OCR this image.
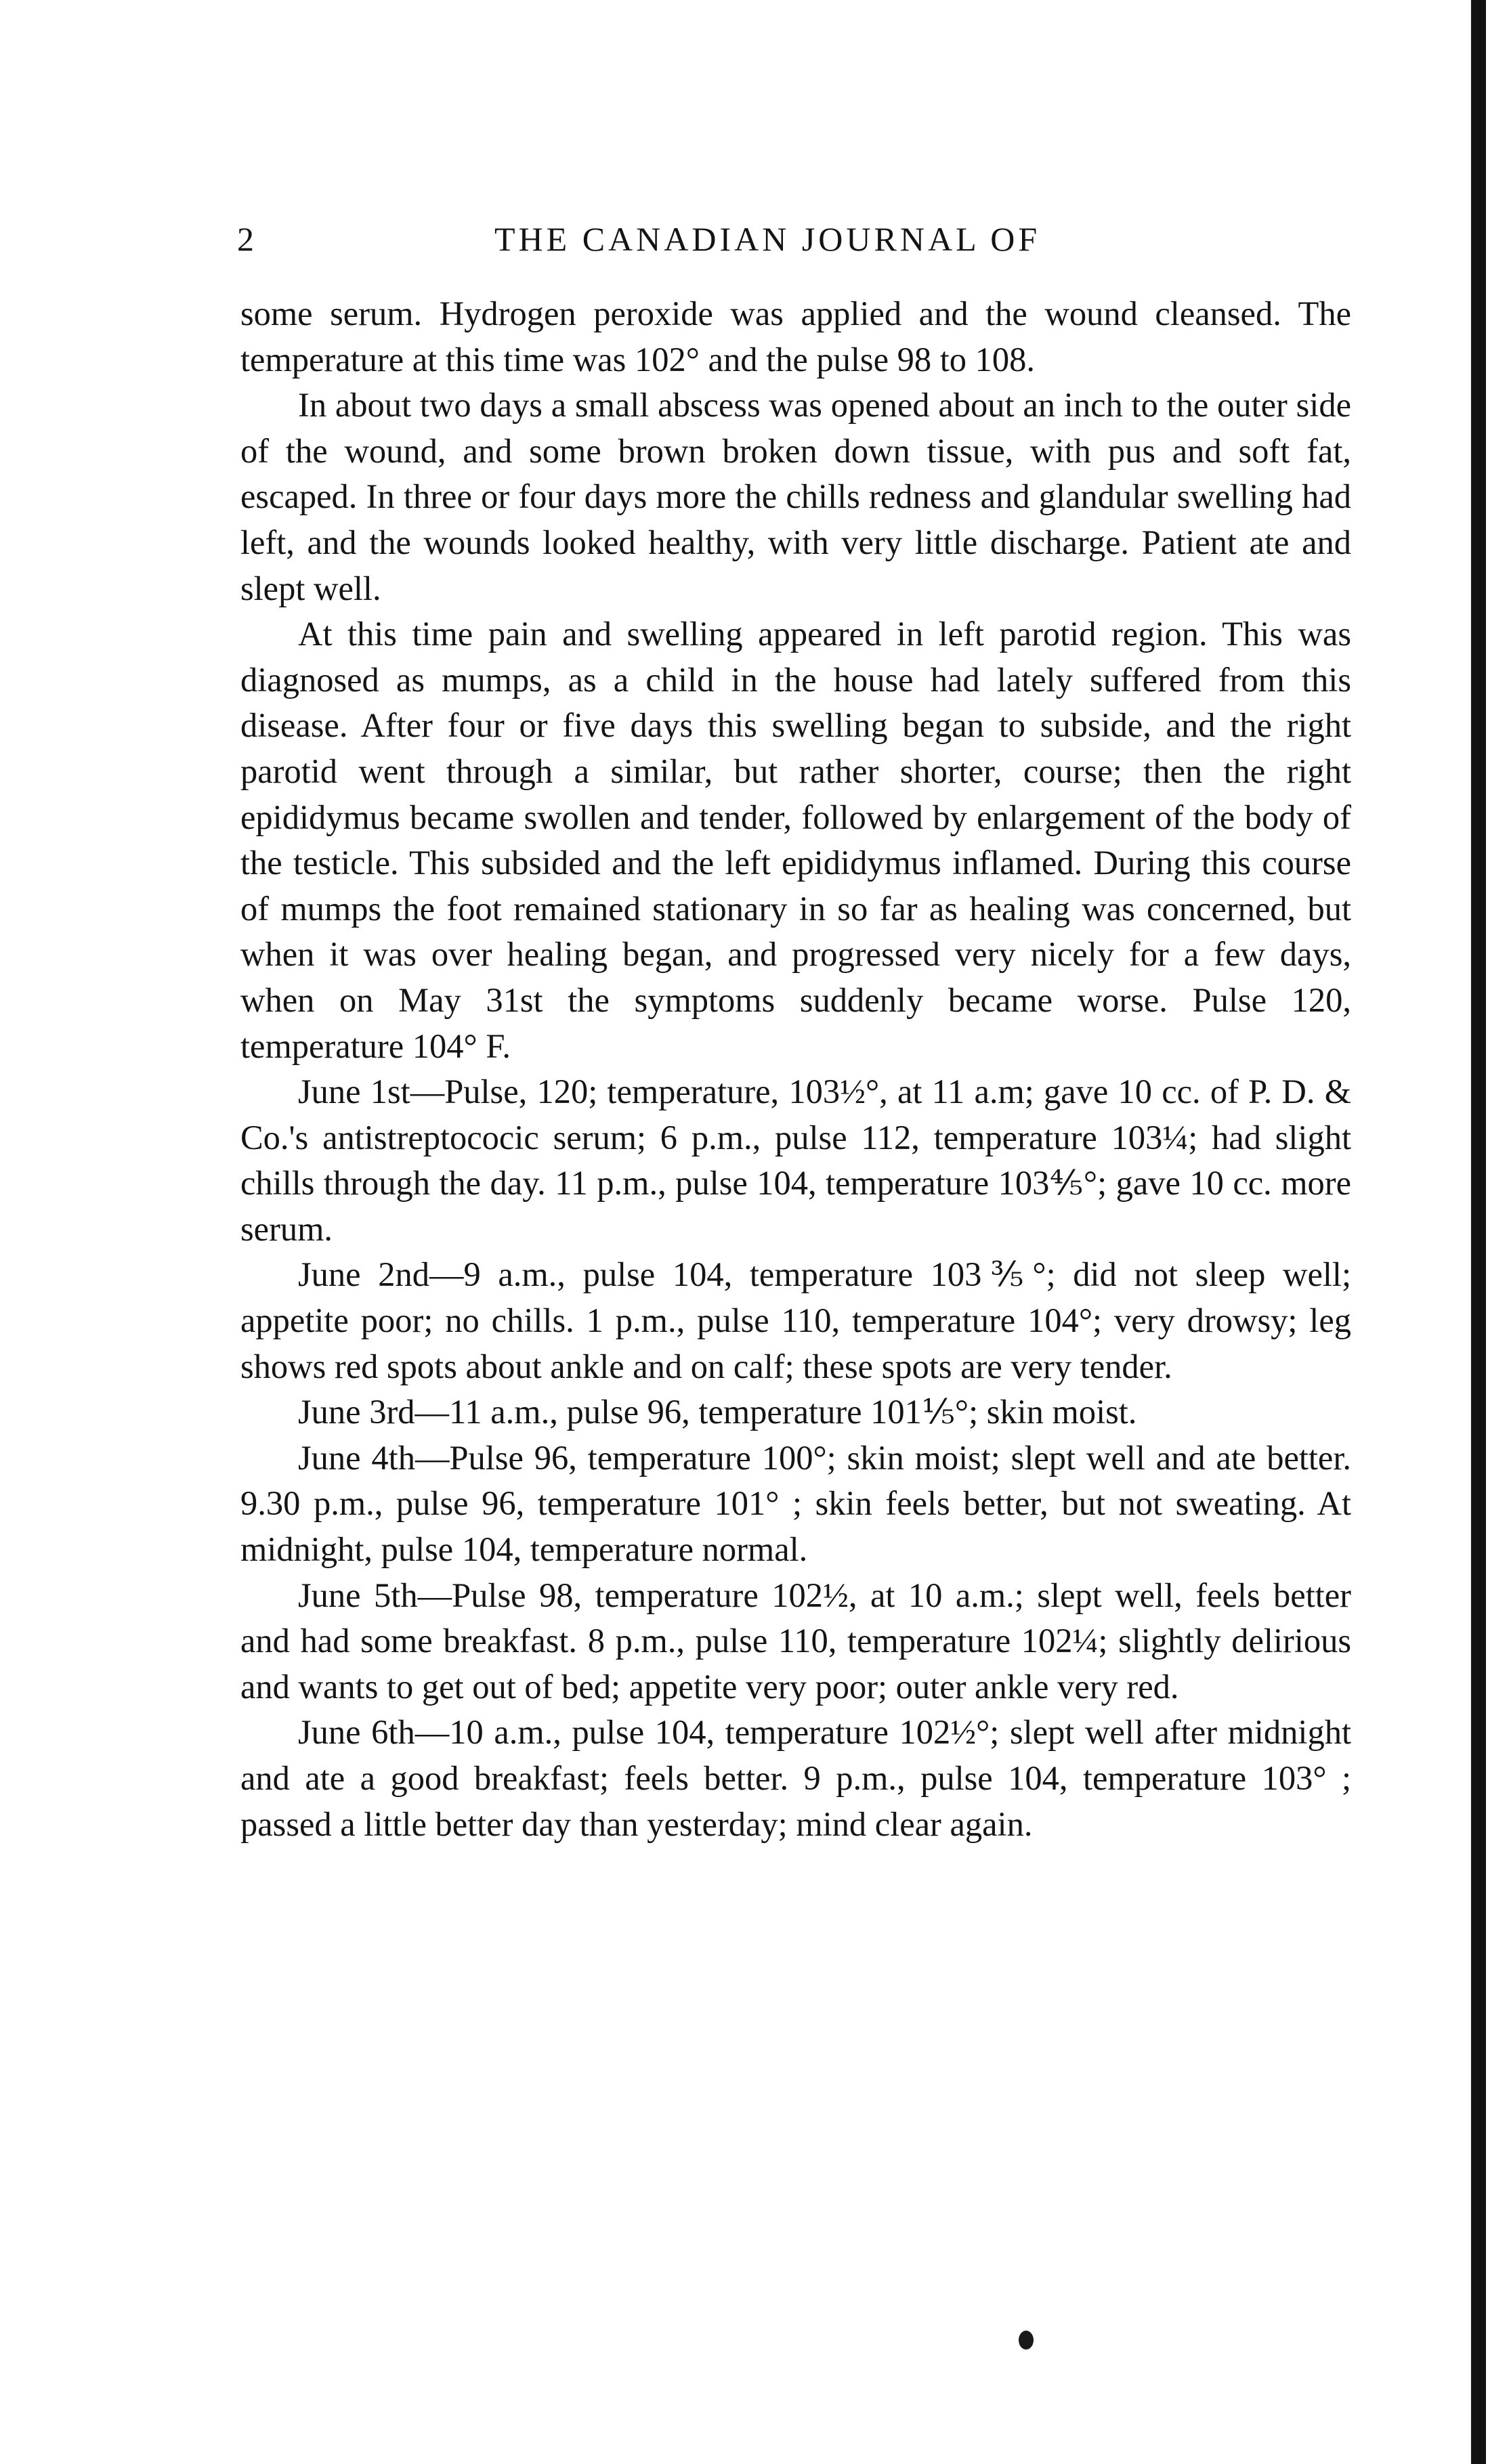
2	THE CANADIAN JOURNAL OF

some serum. Hydrogen peroxide was applied and the wound cleansed. The temperature at this time was 102° and the pulse 98 to 108.

In about two days a small abscess was opened about an inch to the outer side of the wound, and some brown broken down tissue, with pus and soft fat, escaped. In three or four days more the chills redness and glandular swelling had left, and the wounds looked healthy, with very little discharge. Patient ate and slept well.

At this time pain and swelling appeared in left parotid region. This was diagnosed as mumps, as a child in the house had lately suffered from this disease. After four or five days this swelling began to subside, and the right parotid went through a similar, but rather shorter, course; then the right epididymus became swollen and tender, followed by enlargement of the body of the testicle. This subsided and the left epididymus inflamed. During this course of mumps the foot remained stationary in so far as healing was concerned, but when it was over healing began, and progressed very nicely for a few days, when on May 31st the symptoms suddenly became worse. Pulse 120, temperature 104° F.

June 1st—Pulse, 120; temperature, 103½°, at 11 a.m; gave 10 cc. of P. D. & Co.'s antistreptococic serum; 6 p.m., pulse 112, temperature 103¼; had slight chills through the day. 11 p.m., pulse 104, temperature 103⅘°; gave 10 cc. more serum.

June 2nd—9 a.m., pulse 104, temperature 103⅗°; did not sleep well; appetite poor; no chills. 1 p.m., pulse 110, temperature 104°; very drowsy; leg shows red spots about ankle and on calf; these spots are very tender.

June 3rd—11 a.m., pulse 96, temperature 101⅕°; skin moist.

June 4th—Pulse 96, temperature 100°; skin moist; slept well and ate better. 9.30 p.m., pulse 96, temperature 101° ; skin feels better, but not sweating. At midnight, pulse 104, temperature normal.

June 5th—Pulse 98, temperature 102½, at 10 a.m.; slept well, feels better and had some breakfast. 8 p.m., pulse 110, temperature 102¼; slightly delirious and wants to get out of bed; appetite very poor; outer ankle very red.

June 6th—10 a.m., pulse 104, temperature 102½°; slept well after midnight and ate a good breakfast; feels better. 9 p.m., pulse 104, temperature 103° ; passed a little better day than yesterday; mind clear again.
